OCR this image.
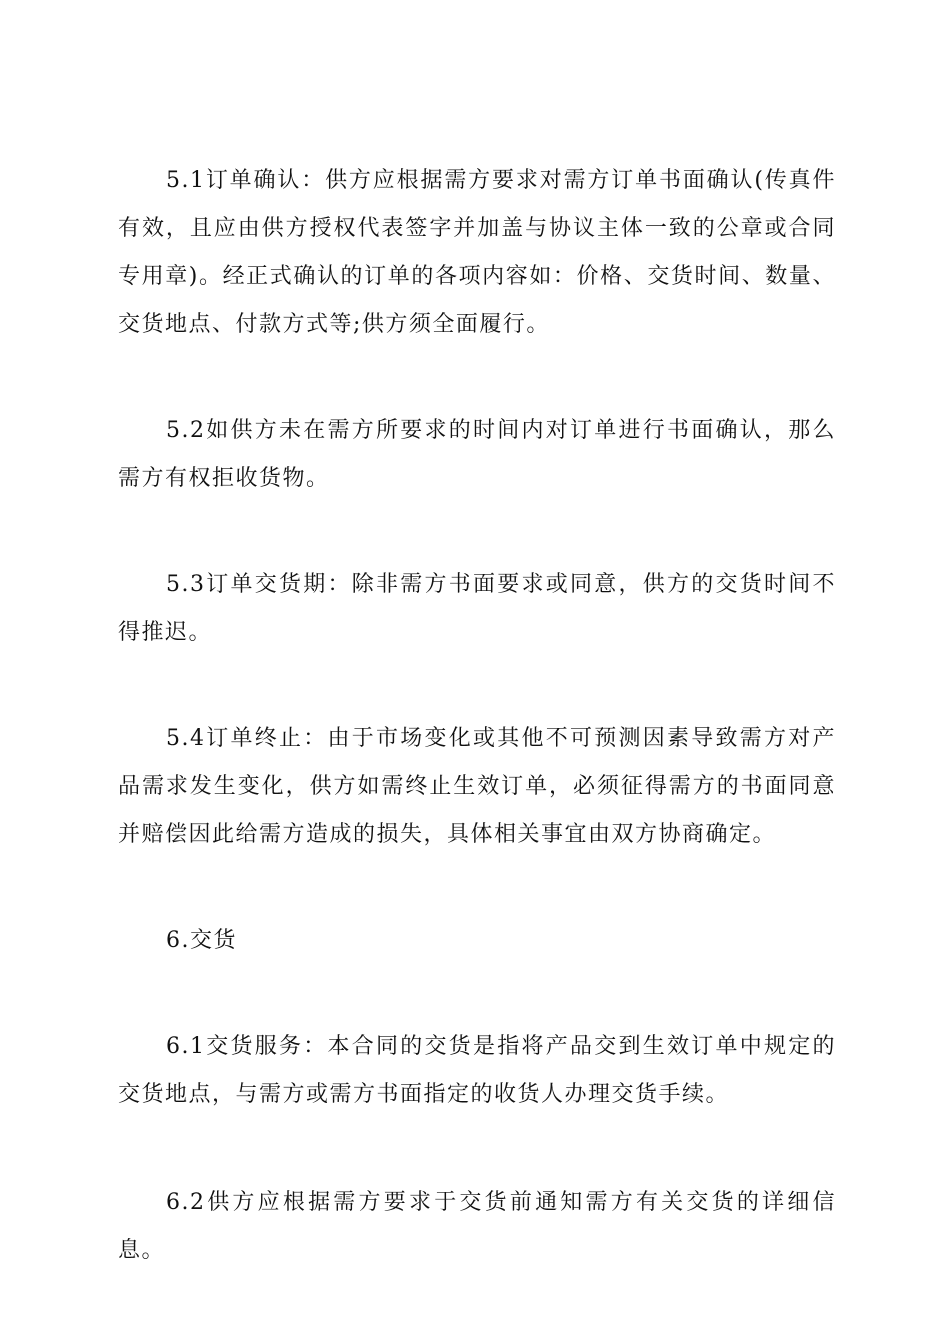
5.1订单确认：供方应根据需方要求对需方订单书面确认(传真件有效，且应由供方授权代表签字并加盖与协议主体一致的公章或合同专用章)。经正式确认的订单的各项内容如：价格、交货时间、数量、交货地点、付款方式等;供方须全面履行。

5.2如供方未在需方所要求的时间内对订单进行书面确认，那么需方有权拒收货物。

5.3订单交货期：除非需方书面要求或同意，供方的交货时间不得推迟。

5.4订单终止：由于市场变化或其他不可预测因素导致需方对产品需求发生变化，供方如需终止生效订单，必须征得需方的书面同意并赔偿因此给需方造成的损失，具体相关事宜由双方协商确定。

6.交货

6.1交货服务：本合同的交货是指将产品交到生效订单中规定的交货地点，与需方或需方书面指定的收货人办理交货手续。

6.2供方应根据需方要求于交货前通知需方有关交货的详细信息。
